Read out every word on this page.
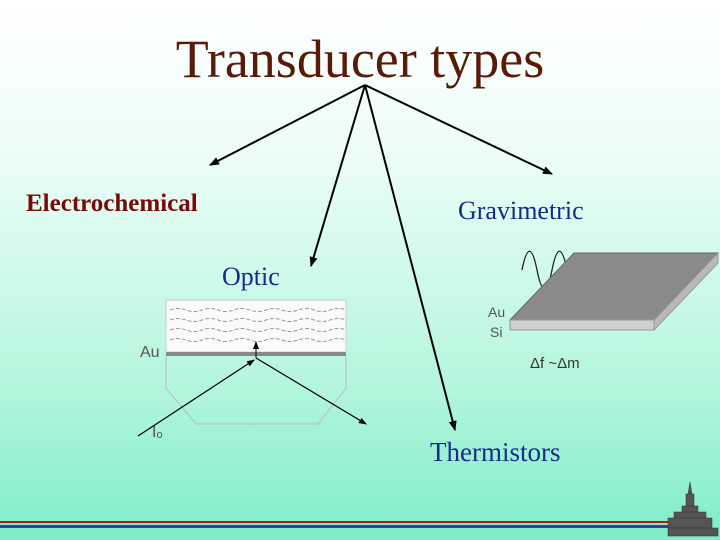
Transducer types
Electrochemical	Gravimetric
Optic
Thermistors
Au
Iₒ
Au
Si
Δf ~Δm
